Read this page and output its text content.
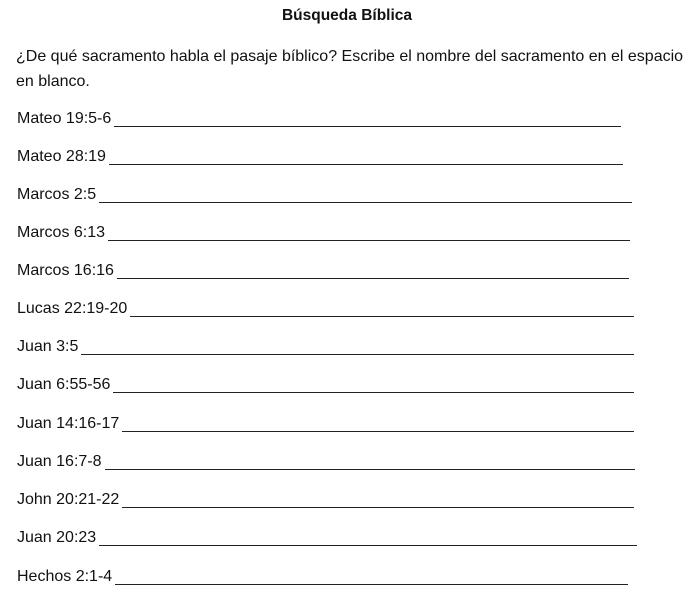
Búsqueda Bíblica
¿De qué sacramento habla el pasaje bíblico? Escribe el nombre del sacramento en el espacio en blanco.
Mateo 19:5-6
Mateo 28:19
Marcos 2:5
Marcos 6:13
Marcos 16:16
Lucas 22:19-20
Juan 3:5
Juan 6:55-56
Juan 14:16-17
Juan 16:7-8
John 20:21-22
Juan 20:23
Hechos 2:1-4
